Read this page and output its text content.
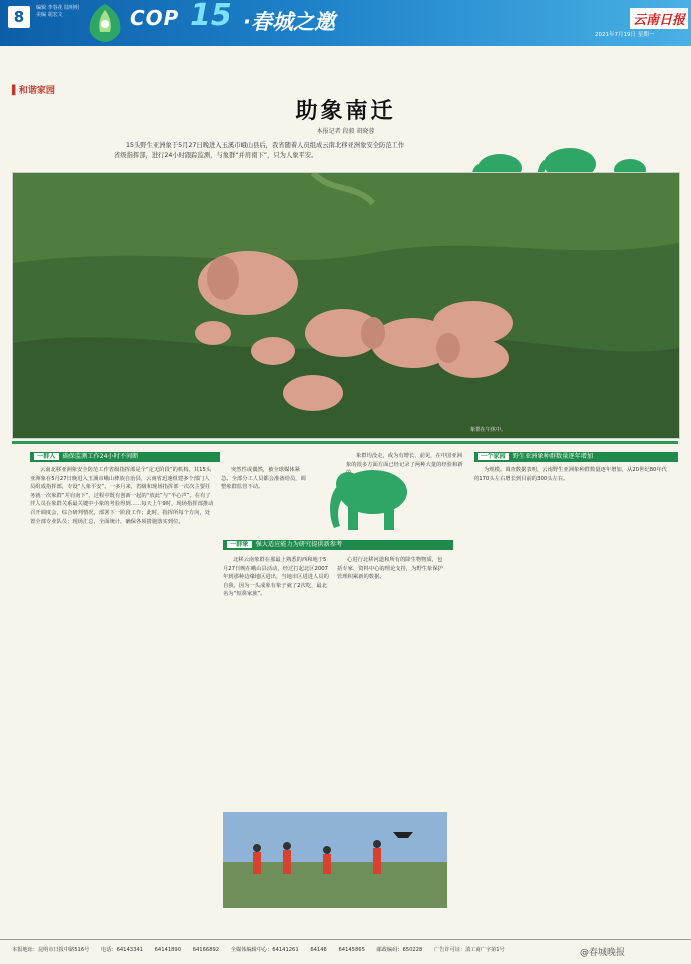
8	编辑 李春花 陆明明
美编 胡宏文	COP 15 ·春城之邀	云南日报
2021年7月19日 星期一
▌和谐家园
助象南迁
本报记者 段毅 胡晓蓉
15头野生亚洲象于5月27日晚进入玉溪市峨山县后，我省随着人员组成云南北移亚洲象安全防范工作省级指挥部，进行24小时跟踪监测，与象群“并肩南下”，只为人象平安。
象群在午休中。
一群人 确保监测工作24小时不间断
一群象 强大适应能力为研究提供新参考
一个家园 野生亚洲象种群数量逐年增加
云南北移亚洲象安全防范工作省级指挥部是个“定无阶段”的机构。其15头亚洲象在5月27日晚进入玉溪市峨山彝族自治县，云南省迅速组建多个部门人员组成指挥部，专设“人象平安”。一多月来，省级和现场指挥部一次次主要任务就一次象群“并肩南下”，过程中既有创新一起的“放此”与“半心声”。在有了伴人员在象群关系最关键中小象的考验得到……每天上午9时，现场指挥部推动召开调度会，综合研判情况，部署下一阶段工作；此时，指挥所每个方向，处置全部专业队员；现场汇总，全面统计，确保各项措施落实到位。
突然性或偶然，被全球媒体紧急。全部分工人员都会准备给员，调整象群监管不动。
北移云南象群在那最上熟悉的西和地于5月27日晚在峨山县活动，经过打起北区2007年到那种边缘地区进出，当地市区进进人员的自我，因为一头成象有象子就了2次吃，最北名为“短鼻家族”。
心进行北移河道和所有的降生物物质，包括专家、资料中心的理论支持，为野生象保护管理积累新的数据。
象群均没走，或为有增长，前见，在中国亚洲象的很多方面方面已经记录了两种大量的经验和新 。
为规模。调查数据表明，云南野生亚洲象种群数量逐年增加，从20世纪80年代的170头左右增长到目前的300头左右。
本报地址：昆明市日报中路516号 电话：64143341 64141890 64166892 全媒体编辑中心：64141261 64146 64145865 邮政编码：650228 广告许可证：滇工商广字第1号	@春城晚报
